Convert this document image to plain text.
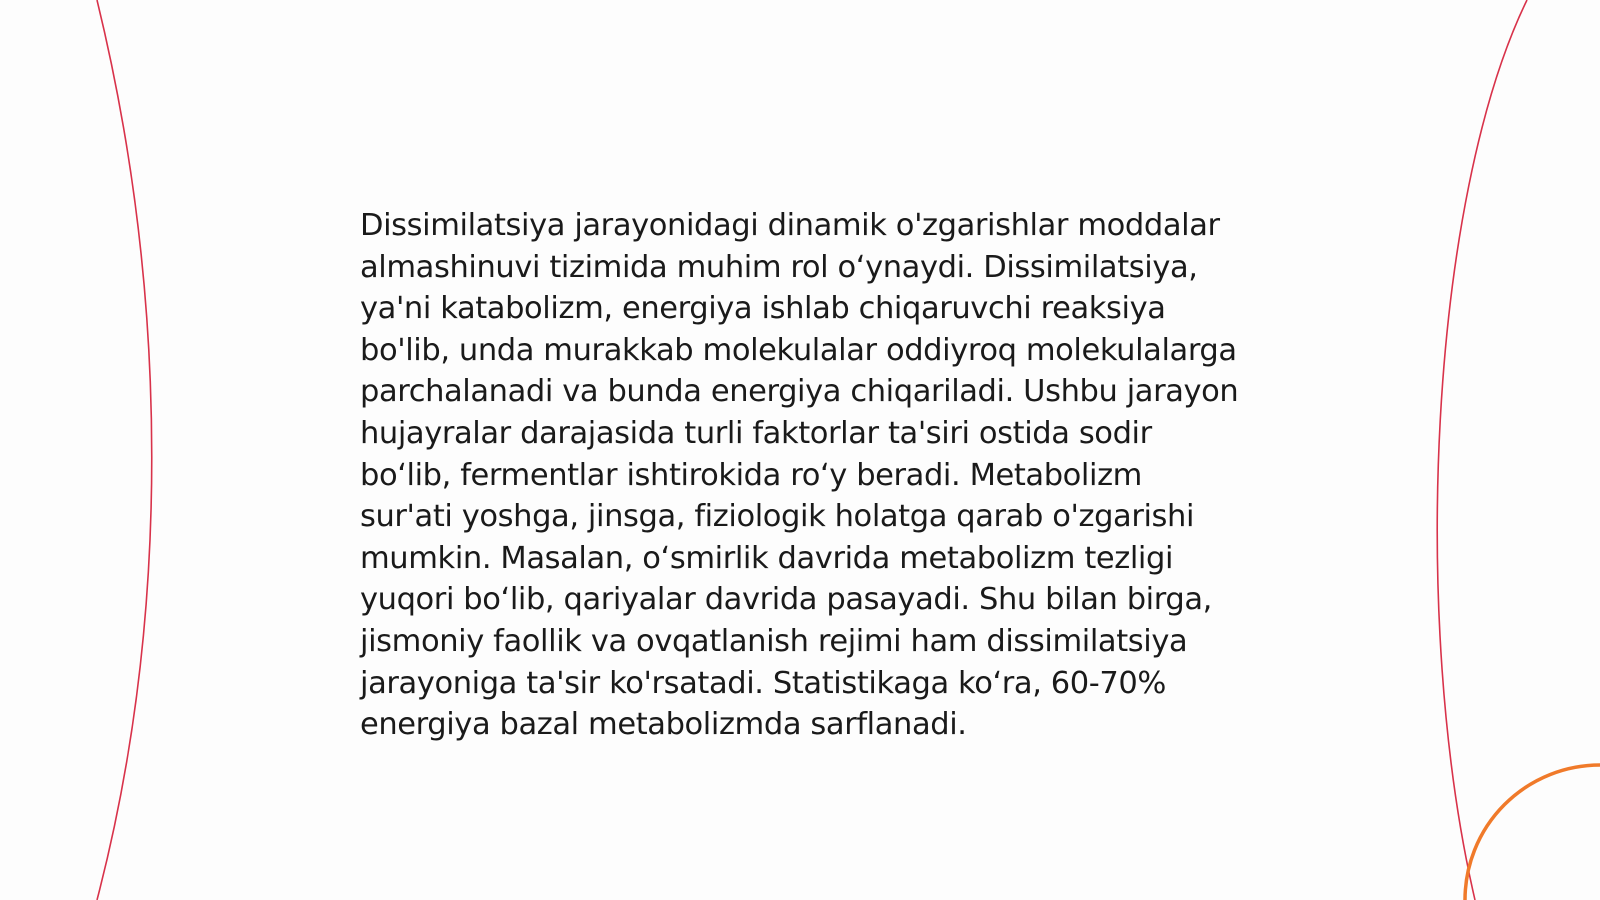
Dissimilatsiya jarayonidagi dinamik o'zgarishlar moddalar almashinuvi tizimida muhim rol o‘ynaydi. Dissimilatsiya, ya'ni katabolizm, energiya ishlab chiqaruvchi reaksiya bo'lib, unda murakkab molekulalar oddiyroq molekulalarga parchalanadi va bunda energiya chiqariladi. Ushbu jarayon hujayralar darajasida turli faktorlar ta'siri ostida sodir bo‘lib, fermentlar ishtirokida ro‘y beradi. Metabolizm sur'ati yoshga, jinsga, fiziologik holatga qarab o'zgarishi mumkin. Masalan, o‘smirlik davrida metabolizm tezligi yuqori bo‘lib, qariyalar davrida pasayadi. Shu bilan birga, jismoniy faollik va ovqatlanish rejimi ham dissimilatsiya jarayoniga ta'sir ko'rsatadi. Statistikaga ko‘ra, 60-70% energiya bazal metabolizmda sarflanadi.
